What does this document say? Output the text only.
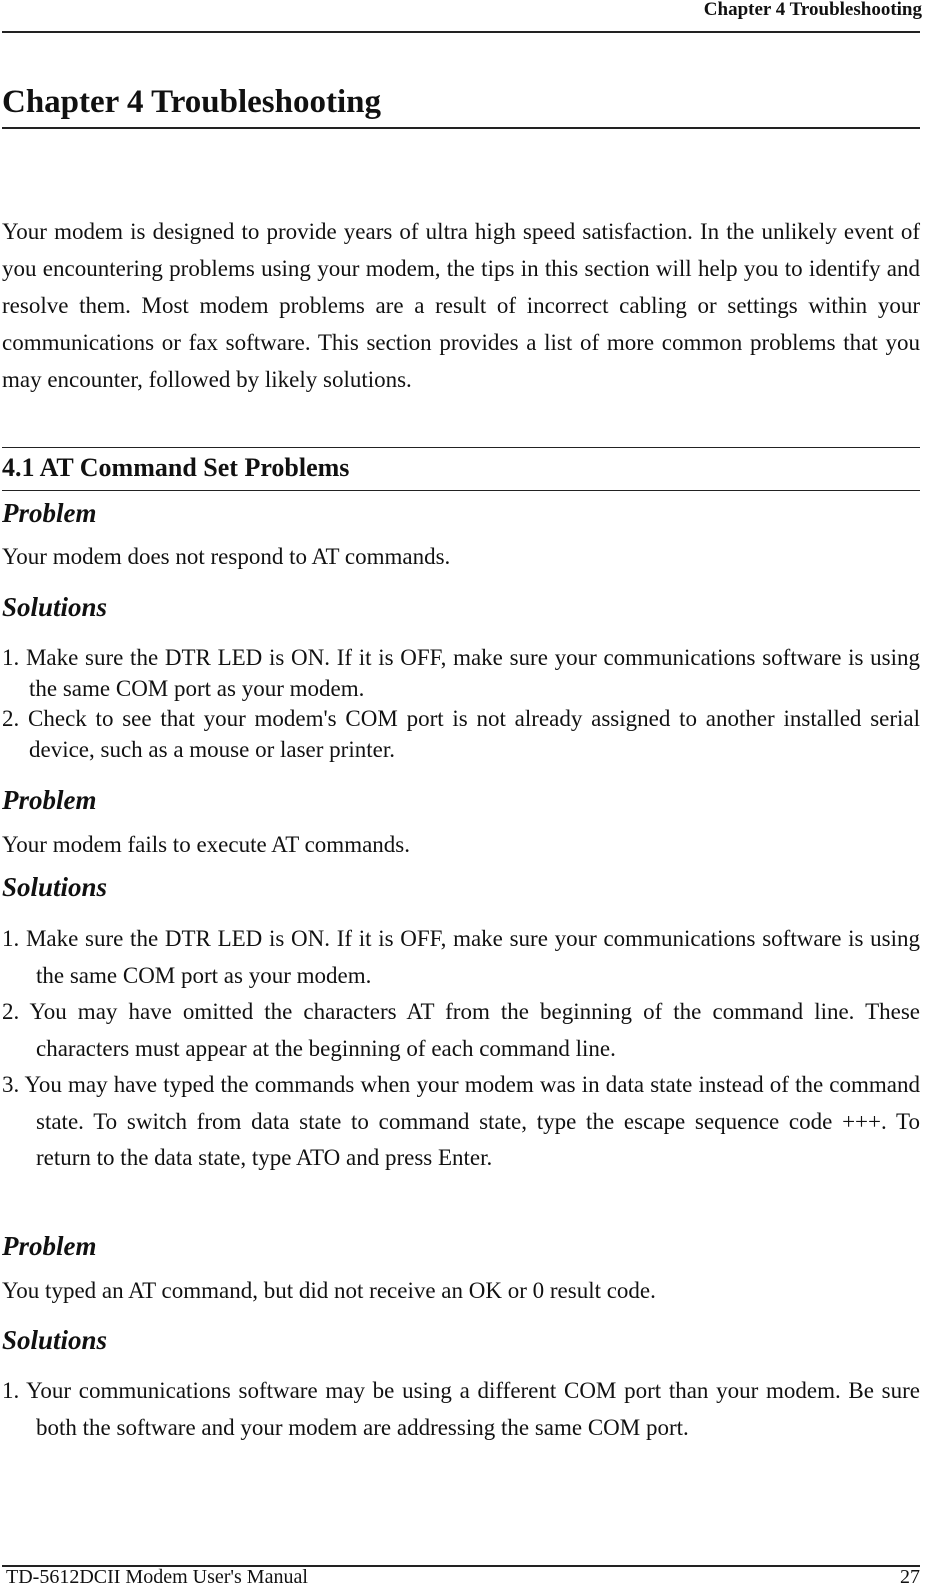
Chapter 4 Troubleshooting
Chapter 4 Troubleshooting

Your modem is designed to provide years of ultra high speed satisfaction. In the unlikely event of you encountering problems using your modem, the tips in this section will help you to identify and resolve them. Most modem problems are a result of incorrect cabling or settings within your communications or fax software. This section provides a list of more common problems that you may encounter, followed by likely solutions.

4.1 AT Command Set Problems
Problem

Your modem does not respond to AT commands.

Solutions
1. Make sure the DTR LED is ON. If it is OFF, make sure your communications software is using the same COM port as your modem.
2. Check to see that your modem's COM port is not already assigned to another installed serial device, such as a mouse or laser printer.
Problem

Your modem fails to execute AT commands.

Solutions
1. Make sure the DTR LED is ON. If it is OFF, make sure your communications software is using the same COM port as your modem.
2. You may have omitted the characters AT from the beginning of the command line. These characters must appear at the beginning of each command line.
3. You may have typed the commands when your modem was in data state instead of the command state. To switch from data state to command state, type the escape sequence code +++. To return to the data state, type ATO and press Enter.
Problem

You typed an AT command, but did not receive an OK or 0 result code.

Solutions
1. Your communications software may be using a different COM port than your modem. Be sure both the software and your modem are addressing the same COM port.
TD-5612DCII Modem User's Manual	27
